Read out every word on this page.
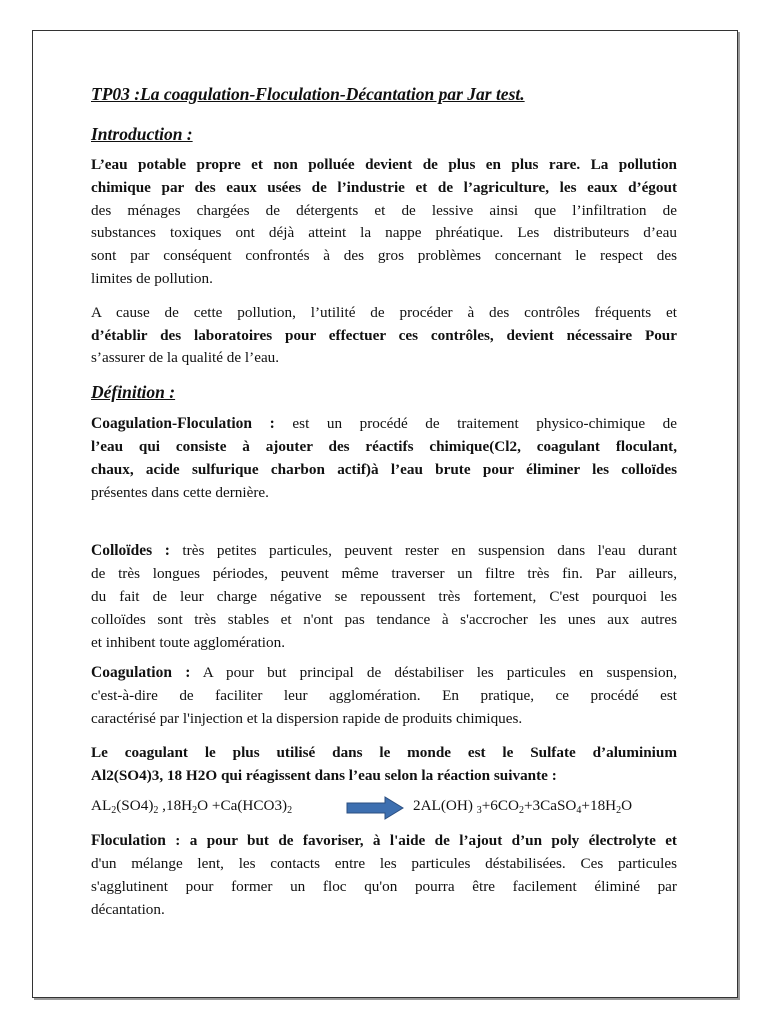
TP03 :La coagulation-Floculation-Décantation par Jar test.
Introduction :

L’eau potable propre et non polluée devient de plus en plus rare. La pollution
chimique par des eaux usées de l’industrie et de l’agriculture, les eaux d’égout
des ménages chargées de détergents et de lessive ainsi que l’infiltration de
substances toxiques ont déjà atteint la nappe phréatique. Les distributeurs d’eau
sont par conséquent confrontés à des gros problèmes concernant le respect des
limites de pollution.

A cause de cette pollution, l’utilité de procéder à des contrôles fréquents et
d’établir des laboratoires pour effectuer ces contrôles, devient nécessaire Pour
s’assurer de la qualité de l’eau.

Définition :

Coagulation-Floculation : est un procédé de traitement physico-chimique de
l’eau qui consiste à ajouter des réactifs chimique(Cl2, coagulant floculant,
chaux, acide sulfurique charbon actif)à l’eau brute pour éliminer les colloïdes
présentes dans cette dernière.

Colloïdes : très petites particules, peuvent rester en suspension dans l'eau durant
de très longues périodes, peuvent même traverser un filtre très fin. Par ailleurs,
du fait de leur charge négative se repoussent très fortement, C'est pourquoi les
colloïdes sont très stables et n'ont pas tendance à s'accrocher les unes aux autres
et inhibent toute agglomération.

Coagulation : A pour but principal de déstabiliser les particules en suspension,
c'est-à-dire de faciliter leur agglomération. En pratique, ce procédé est
caractérisé par l'injection et la dispersion rapide de produits chimiques.

Le coagulant le plus utilisé dans le monde est le Sulfate d’aluminium
Al2(SO4)3, 18 H2O qui réagissent dans l’eau selon la réaction suivante :

$AL_2(SO4)_2$ $,18H_2O +Ca(HCO3)_2$	2AL(OH) $_3+6CO_2+3CaSO_4+18H_2O$

Floculation : a pour but de favoriser, à l'aide de l’ajout d’un poly électrolyte et
d'un mélange lent, les contacts entre les particules déstabilisées. Ces particules
s'agglutinent pour former un floc qu'on pourra être facilement éliminé par
décantation.
